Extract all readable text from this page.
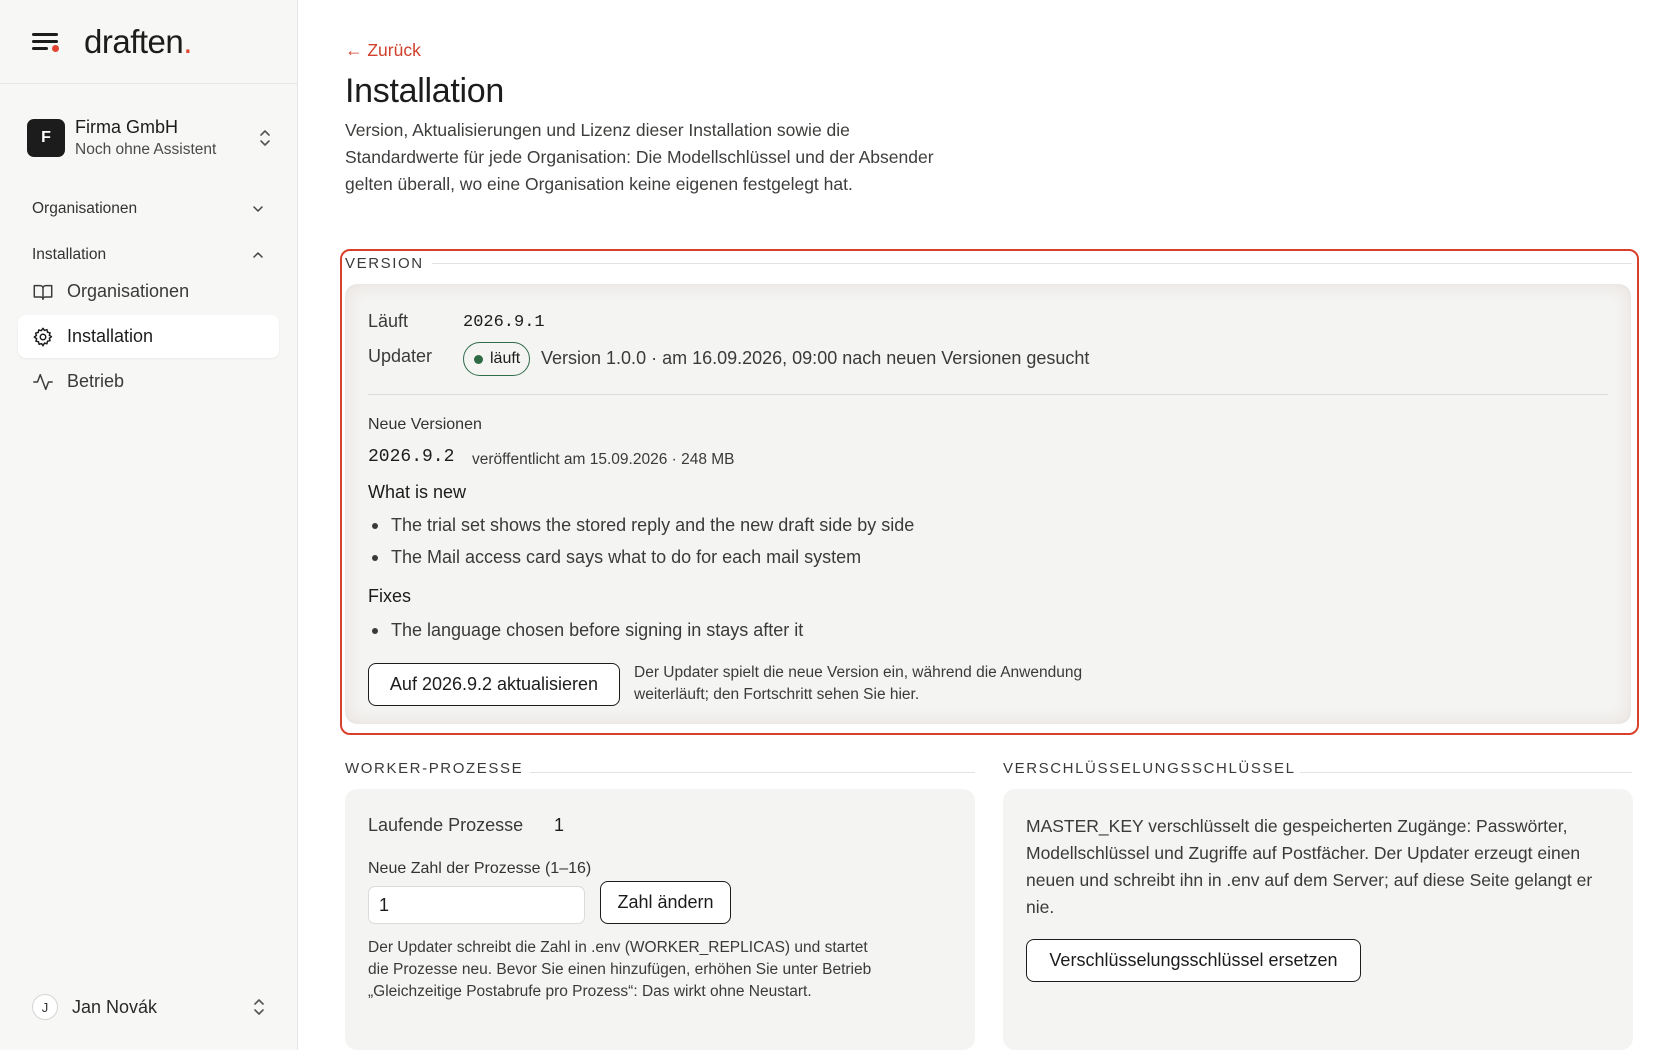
draften.
F
Firma GmbH
Noch ohne Assistent
Organisationen
Installation
Organisationen
Installation
Betrieb
J	Jan Novák
← Zurück
Installation

Version, Aktualisierungen und Lizenz dieser Installation sowie die Standardwerte für jede Organisation: Die Modellschlüssel und der Absender gelten überall, wo eine Organisation keine eigenen festgelegt hat.

VERSION
Läuft	2026.9.1
Updater	läuft Version 1.0.0 · am 16.09.2026, 09:00 nach neuen Versionen gesucht
Neue Versionen
2026.9.2 veröffentlicht am 15.09.2026 · 248 MB
What is new
The trial set shows the stored reply and the new draft side by side
The Mail access card says what to do for each mail system
Fixes
The language chosen before signing in stays after it
Auf 2026.9.2 aktualisieren
Der Updater spielt die neue Version ein, während die Anwendung weiterläuft; den Fortschritt sehen Sie hier.
WORKER-PROZESSE
Laufende Prozesse 1
Neue Zahl der Prozesse (1–16)
1
Zahl ändern
Der Updater schreibt die Zahl in .env (WORKER_REPLICAS) und startet die Prozesse neu. Bevor Sie einen hinzufügen, erhöhen Sie unter Betrieb „Gleichzeitige Postabrufe pro Prozess“: Das wirkt ohne Neustart.
VERSCHLÜSSELUNGSSCHLÜSSEL
MASTER_KEY verschlüsselt die gespeicherten Zugänge: Passwörter, Modellschlüssel und Zugriffe auf Postfächer. Der Updater erzeugt einen neuen und schreibt ihn in .env auf dem Server; auf diese Seite gelangt er nie.
Verschlüsselungsschlüssel ersetzen
